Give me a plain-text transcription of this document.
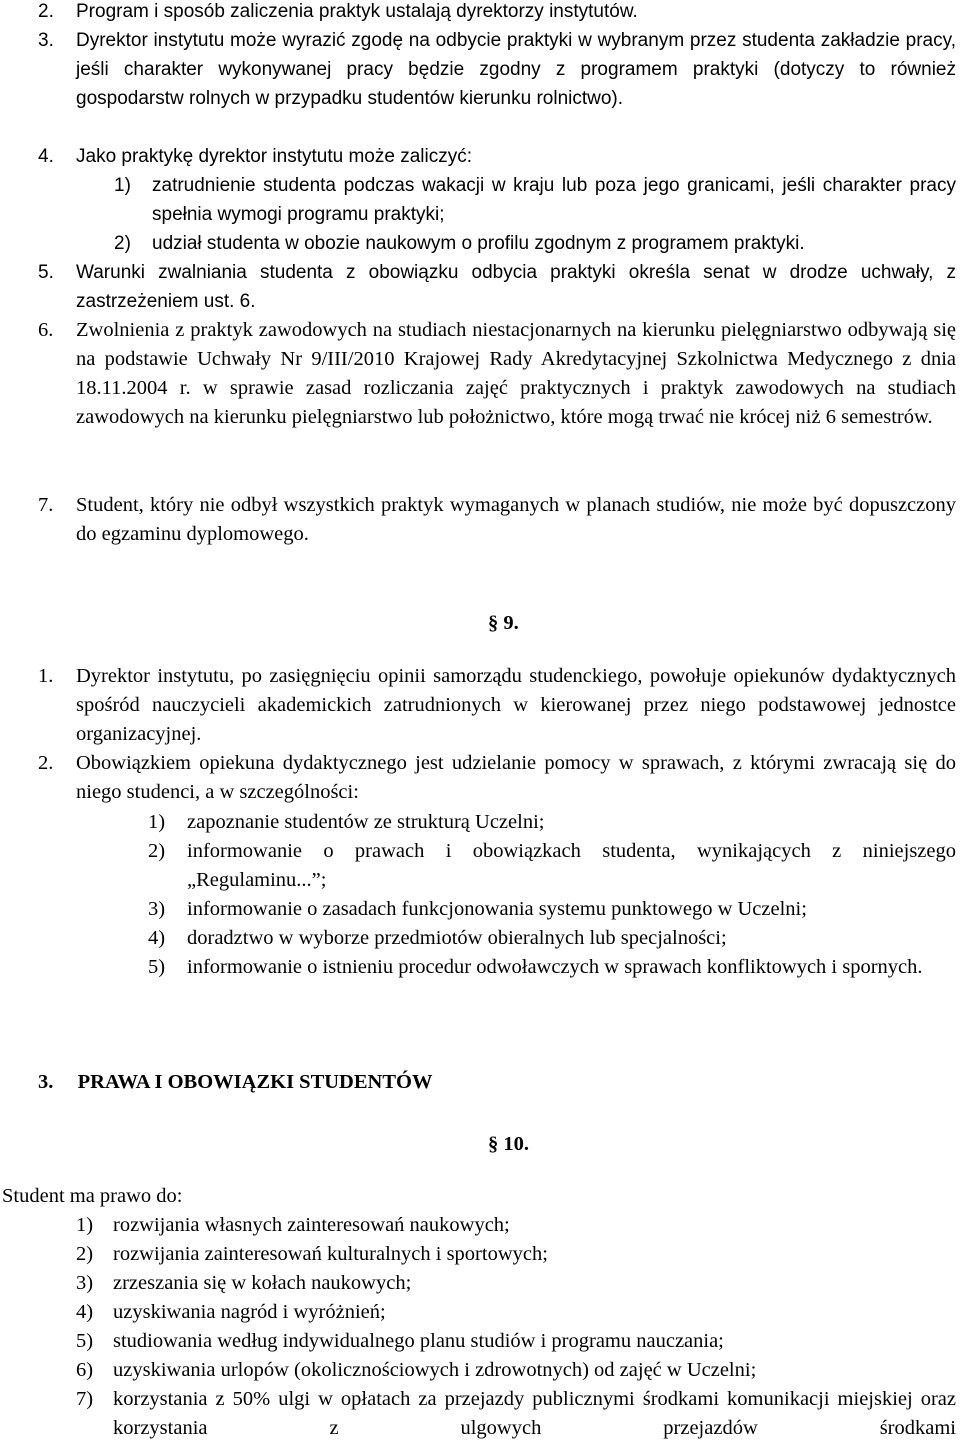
2. Program i sposób zaliczenia praktyk ustalają dyrektorzy instytutów.
3. Dyrektor instytutu może wyrazić zgodę na odbycie praktyki w wybranym przez studenta zakładzie pracy, jeśli charakter wykonywanej pracy będzie zgodny z programem praktyki (dotyczy to również gospodarstw rolnych w przypadku studentów kierunku rolnictwo).
4. Jako praktykę dyrektor instytutu może zaliczyć:
1) zatrudnienie studenta podczas wakacji w kraju lub poza jego granicami, jeśli charakter pracy spełnia wymogi programu praktyki;
2) udział studenta w obozie naukowym o profilu zgodnym z programem praktyki.
5. Warunki zwalniania studenta z obowiązku odbycia praktyki określa senat w drodze uchwały, z zastrzeżeniem ust. 6.
6. Zwolnienia z praktyk zawodowych na studiach niestacjonarnych na kierunku pielęgniarstwo odbywają się na podstawie Uchwały Nr 9/III/2010 Krajowej Rady Akredytacyjnej Szkolnictwa Medycznego z dnia 18.11.2004 r. w sprawie zasad rozliczania zajęć praktycznych i praktyk zawodowych na studiach zawodowych na kierunku pielęgniarstwo lub położnictwo, które mogą trwać nie krócej niż 6 semestrów.
7. Student, który nie odbył wszystkich praktyk wymaganych w planach studiów, nie może być dopuszczony do egzaminu dyplomowego.
§ 9.
1. Dyrektor instytutu, po zasięgnięciu opinii samorządu studenckiego, powołuje opiekunów dydaktycznych spośród nauczycieli akademickich zatrudnionych w kierowanej przez niego podstawowej jednostce organizacyjnej.
2. Obowiązkiem opiekuna dydaktycznego jest udzielanie pomocy w sprawach, z którymi zwracają się do niego studenci, a w szczególności:
1) zapoznanie studentów ze strukturą Uczelni;
2) informowanie o prawach i obowiązkach studenta, wynikających z niniejszego „Regulaminu...”;
3) informowanie o zasadach funkcjonowania systemu punktowego w Uczelni;
4) doradztwo w wyborze przedmiotów obieralnych lub specjalności;
5) informowanie o istnieniu procedur odwoławczych w sprawach konfliktowych i spornych.
3. PRAWA I OBOWIĄZKI STUDENTÓW
§ 10.
Student ma prawo do:
1) rozwijania własnych zainteresowań naukowych;
2) rozwijania zainteresowań kulturalnych i sportowych;
3) zrzeszania się w kołach naukowych;
4) uzyskiwania nagród i wyróżnień;
5) studiowania według indywidualnego planu studiów i programu nauczania;
6) uzyskiwania urlopów (okolicznościowych i zdrowotnych) od zajęć w Uczelni;
7) korzystania z 50% ulgi w opłatach za przejazdy publicznymi środkami komunikacji miejskiej oraz korzystania z ulgowych przejazdów środkami
